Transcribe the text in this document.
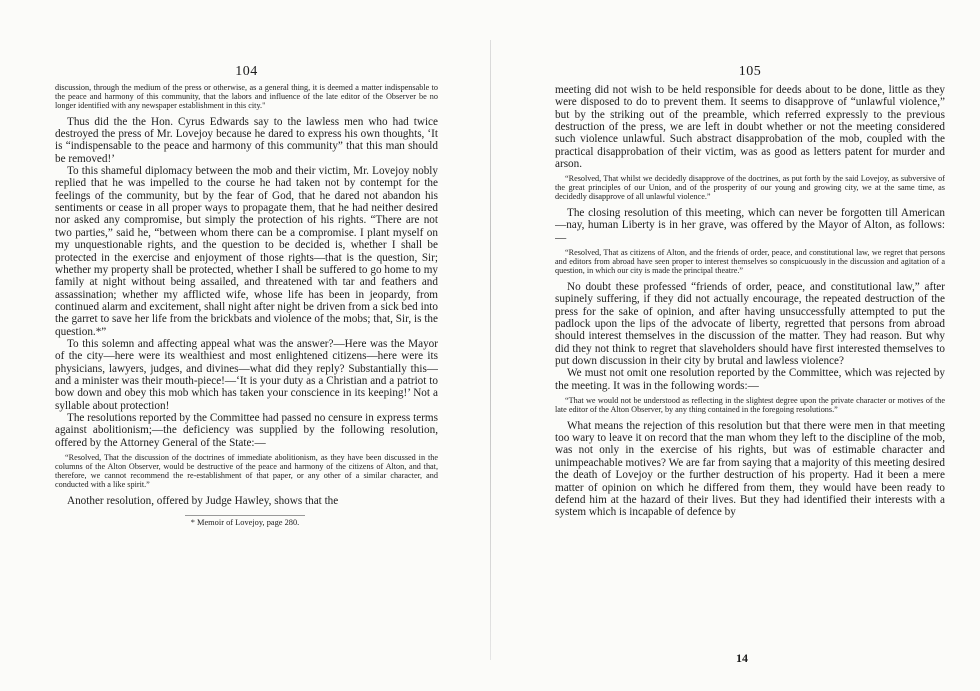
104

discussion, through the medium of the press or otherwise, as a general thing, it is deemed a matter indispensable to the peace and harmony of this community, that the labors and influence of the late editor of the Observer be no longer identified with any newspaper establishment in this city."

Thus did the the Hon. Cyrus Edwards say to the lawless men who had twice destroyed the press of Mr. Lovejoy because he dared to express his own thoughts, ‘It is “indispensable to the peace and harmony of this community” that this man should be removed!’

To this shameful diplomacy between the mob and their victim, Mr. Lovejoy nobly replied that he was impelled to the course he had taken not by contempt for the feelings of the community, but by the fear of God, that he dared not abandon his sentiments or cease in all proper ways to propagate them, that he had neither desired nor asked any compromise, but simply the protection of his rights. “There are not two parties,” said he, “between whom there can be a compromise. I plant myself on my unquestionable rights, and the question to be decided is, whether I shall be protected in the exercise and enjoyment of those rights—that is the question, Sir; whether my property shall be protected, whether I shall be suffered to go home to my family at night without being assailed, and threatened with tar and feathers and assassination; whether my afflicted wife, whose life has been in jeopardy, from continued alarm and excitement, shall night after night be driven from a sick bed into the garret to save her life from the brickbats and violence of the mobs; that, Sir, is the question.*”

To this solemn and affecting appeal what was the answer?—Here was the Mayor of the city—here were its wealthiest and most enlightened citizens—here were its physicians, lawyers, judges, and divines—what did they reply? Substantially this—and a minister was their mouth-piece!—‘It is your duty as a Christian and a patriot to bow down and obey this mob which has taken your conscience in its keeping!’ Not a syllable about protection!

The resolutions reported by the Committee had passed no censure in express terms against abolitionism;—the deficiency was supplied by the following resolution, offered by the Attorney General of the State:—

“Resolved, That the discussion of the doctrines of immediate abolitionism, as they have been discussed in the columns of the Alton Observer, would be destructive of the peace and harmony of the citizens of Alton, and that, therefore, we cannot recommend the re-establishment of that paper, or any other of a similar character, and conducted with a like spirit.”

Another resolution, offered by Judge Hawley, shows that the

* Memoir of Lovejoy, page 280.
105

meeting did not wish to be held responsible for deeds about to be done, little as they were disposed to do to prevent them. It seems to disapprove of “unlawful violence,” but by the striking out of the preamble, which referred expressly to the previous destruction of the press, we are left in doubt whether or not the meeting considered such violence unlawful. Such abstract disapprobation of the mob, coupled with the practical disapprobation of their victim, was as good as letters patent for murder and arson.

“Resolved, That whilst we decidedly disapprove of the doctrines, as put forth by the said Lovejoy, as subversive of the great principles of our Union, and of the prosperity of our young and growing city, we at the same time, as decidedly disapprove of all unlawful violence.”

The closing resolution of this meeting, which can never be forgotten till American—nay, human Liberty is in her grave, was offered by the Mayor of Alton, as follows:—

“Resolved, That as citizens of Alton, and the friends of order, peace, and constitutional law, we regret that persons and editors from abroad have seen proper to interest themselves so conspicuously in the discussion and agitation of a question, in which our city is made the principal theatre.”

No doubt these professed “friends of order, peace, and constitutional law,” after supinely suffering, if they did not actually encourage, the repeated destruction of the press for the sake of opinion, and after having unsuccessfully attempted to put the padlock upon the lips of the advocate of liberty, regretted that persons from abroad should interest themselves in the discussion of the matter. They had reason. But why did they not think to regret that slaveholders should have first interested themselves to put down discussion in their city by brutal and lawless violence?

We must not omit one resolution reported by the Committee, which was rejected by the meeting. It was in the following words:—

“That we would not be understood as reflecting in the slightest degree upon the private character or motives of the late editor of the Alton Observer, by any thing contained in the foregoing resolutions.”

What means the rejection of this resolution but that there were men in that meeting too wary to leave it on record that the man whom they left to the discipline of the mob, was not only in the exercise of his rights, but was of estimable character and unimpeachable motives? We are far from saying that a majority of this meeting desired the death of Lovejoy or the further destruction of his property. Had it been a mere matter of opinion on which he differed from them, they would have been ready to defend him at the hazard of their lives. But they had identified their interests with a system which is incapable of defence by

14
